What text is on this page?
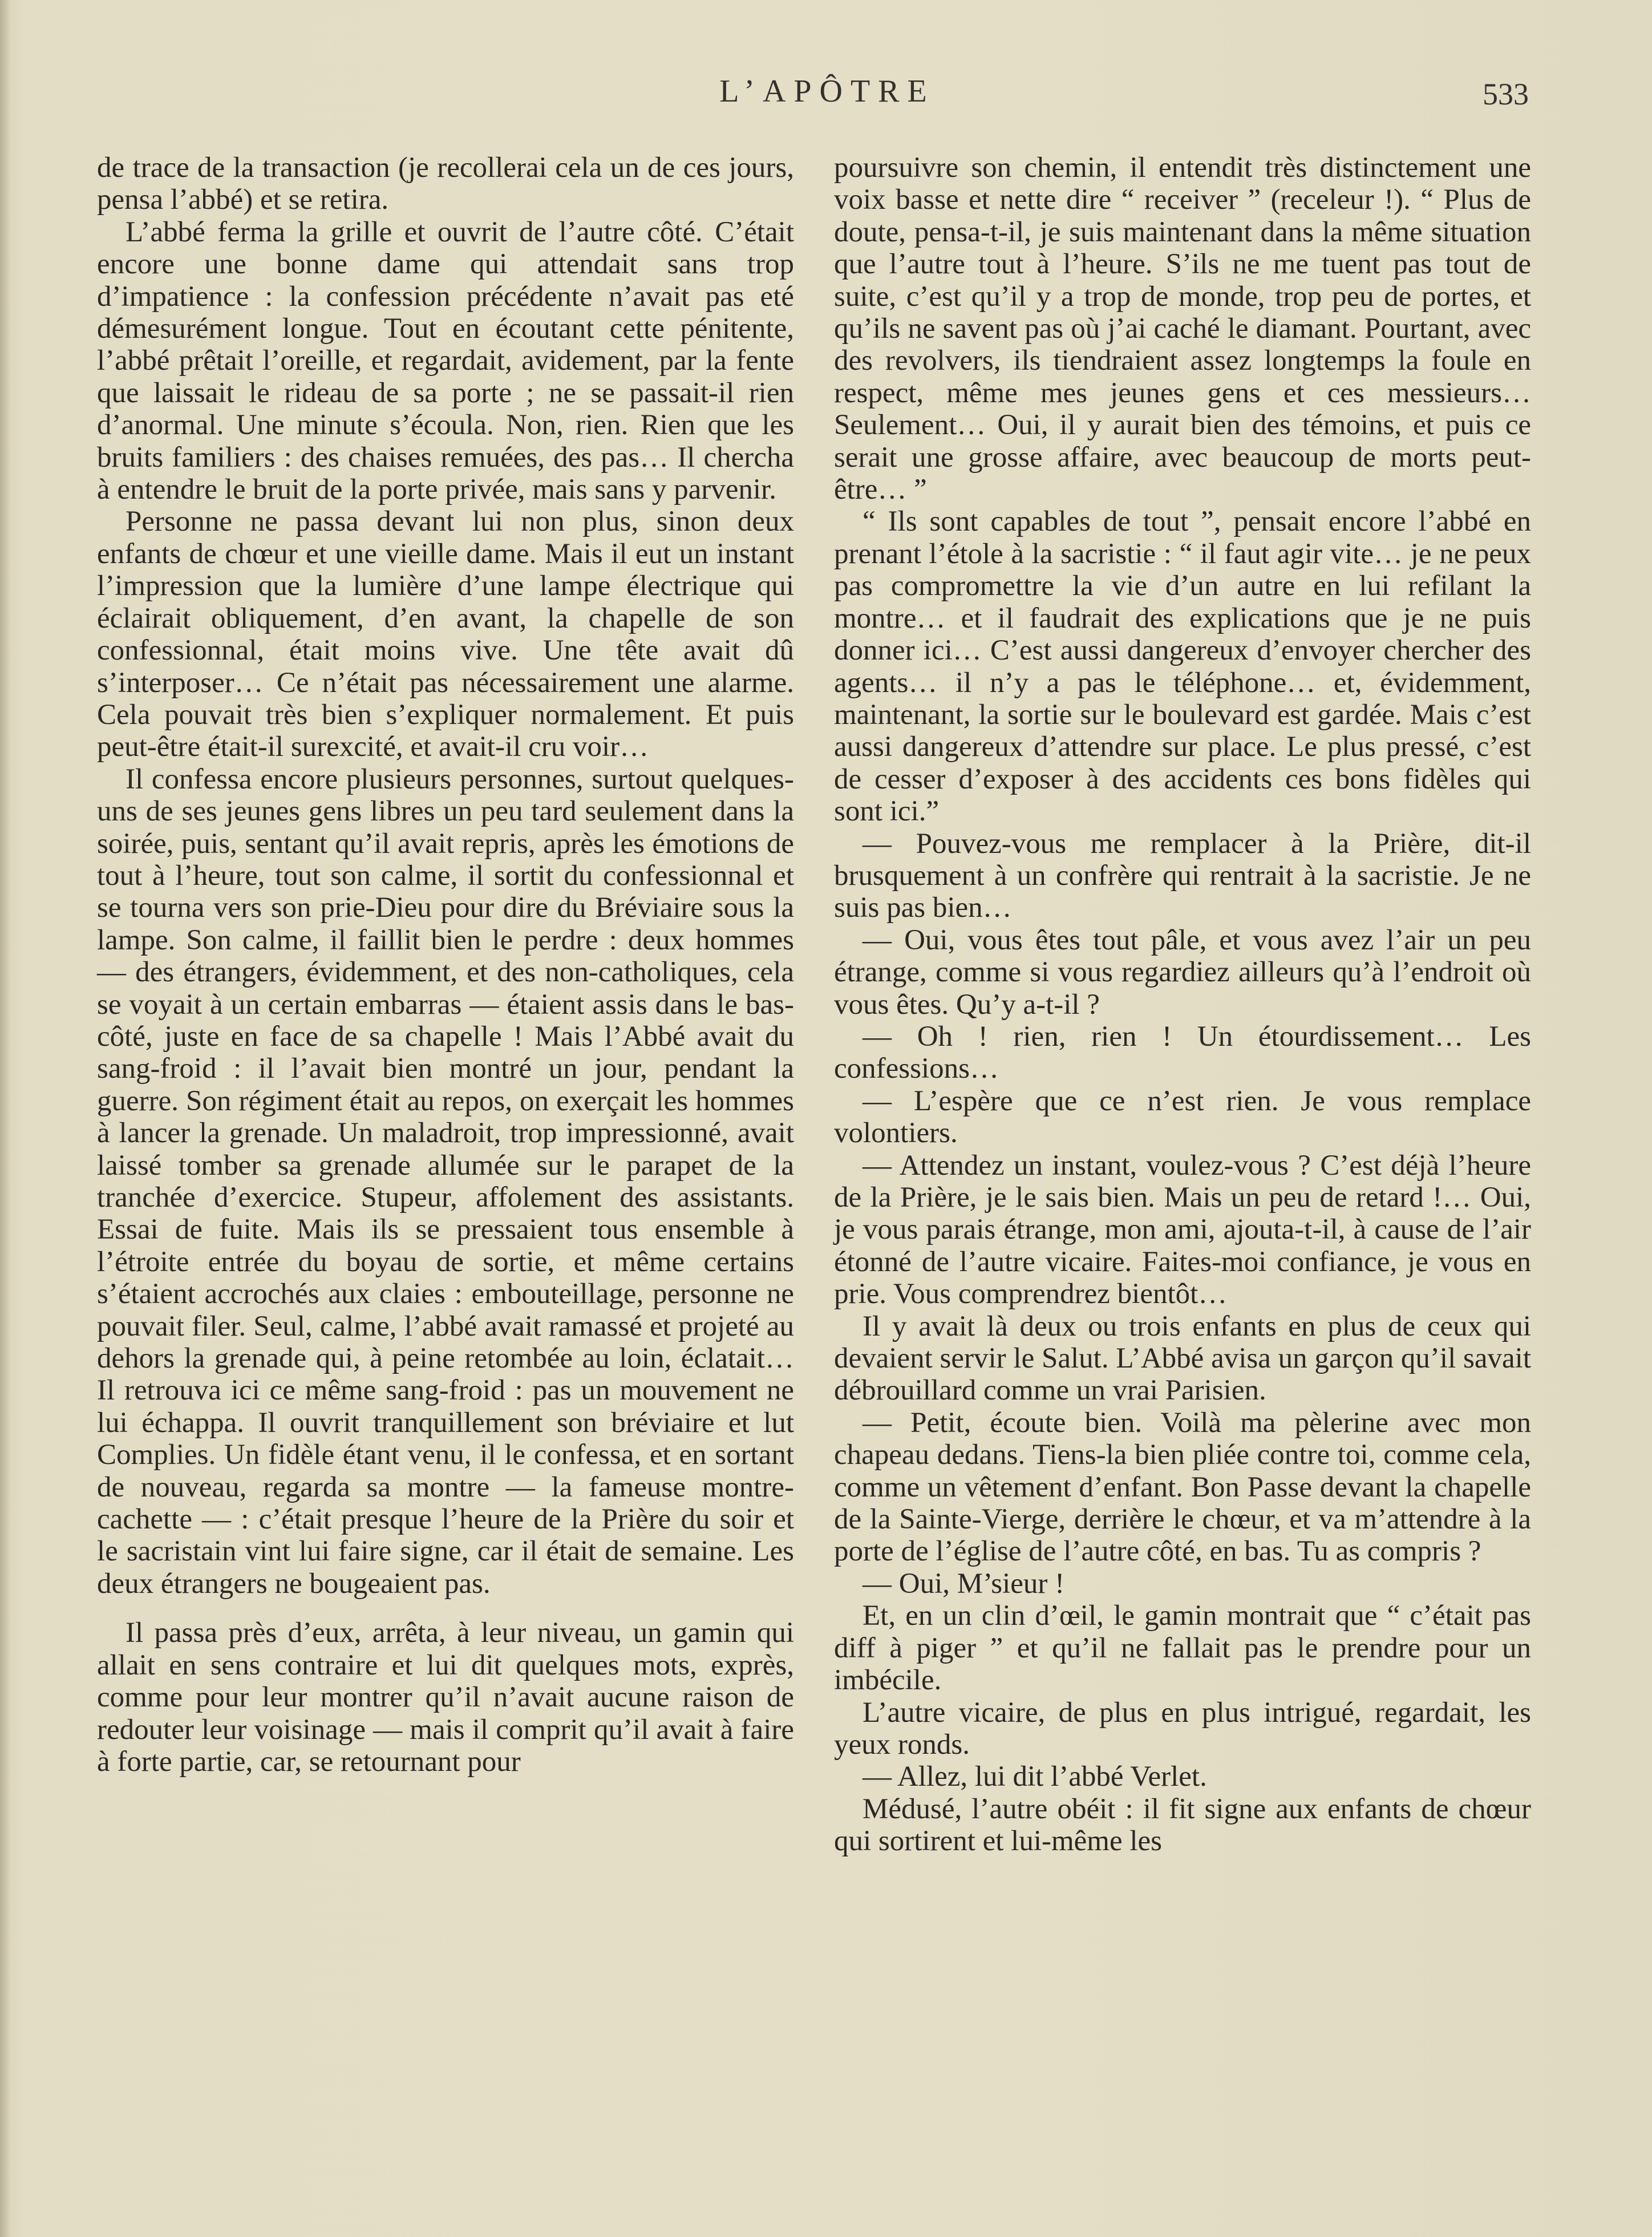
L’APÔTRE	533

de trace de la transaction (je recollerai cela un de ces jours, pensa l’abbé) et se retira.

L’abbé ferma la grille et ouvrit de l’autre côté. C’était encore une bonne dame qui attendait sans trop d’impatience : la confession précédente n’avait pas eté démesurément longue. Tout en écoutant cette pénitente, l’abbé prêtait l’oreille, et regardait, avidement, par la fente que laissait le rideau de sa porte ; ne se passait-il rien d’anormal. Une minute s’écoula. Non, rien. Rien que les bruits familiers : des chaises remuées, des pas… Il chercha à entendre le bruit de la porte privée, mais sans y parvenir.

Personne ne passa devant lui non plus, sinon deux enfants de chœur et une vieille dame. Mais il eut un instant l’impression que la lumière d’une lampe électrique qui éclairait obliquement, d’en avant, la chapelle de son confessionnal, était moins vive. Une tête avait dû s’interposer… Ce n’était pas nécessairement une alarme. Cela pouvait très bien s’expliquer normalement. Et puis peut-être était-il surexcité, et avait-il cru voir…

Il confessa encore plusieurs personnes, surtout quelques-uns de ses jeunes gens libres un peu tard seulement dans la soirée, puis, sentant qu’il avait repris, après les émotions de tout à l’heure, tout son calme, il sortit du confessionnal et se tourna vers son prie-Dieu pour dire du Bréviaire sous la lampe. Son calme, il faillit bien le perdre : deux hommes — des étrangers, évidemment, et des non-catholiques, cela se voyait à un certain embarras — étaient assis dans le bas-côté, juste en face de sa chapelle ! Mais l’Abbé avait du sang-froid : il l’avait bien montré un jour, pendant la guerre. Son régiment était au repos, on exerçait les hommes à lancer la grenade. Un maladroit, trop impressionné, avait laissé tomber sa grenade allumée sur le parapet de la tranchée d’exercice. Stupeur, affolement des assistants. Essai de fuite. Mais ils se pressaient tous ensemble à l’étroite entrée du boyau de sortie, et même certains s’étaient accrochés aux claies : embouteillage, personne ne pouvait filer. Seul, calme, l’abbé avait ramassé et projeté au dehors la grenade qui, à peine retombée au loin, éclatait… Il retrouva ici ce même sang-froid : pas un mouvement ne lui échappa. Il ouvrit tranquillement son bréviaire et lut Complies. Un fidèle étant venu, il le confessa, et en sortant de nouveau, regarda sa montre — la fameuse montre-cachette — : c’était presque l’heure de la Prière du soir et le sacristain vint lui faire signe, car il était de semaine. Les deux étrangers ne bougeaient pas.

Il passa près d’eux, arrêta, à leur niveau, un gamin qui allait en sens contraire et lui dit quelques mots, exprès, comme pour leur montrer qu’il n’avait aucune raison de redouter leur voisinage — mais il comprit qu’il avait à faire à forte partie, car, se retournant pour

poursuivre son chemin, il entendit très distinctement une voix basse et nette dire “ receiver ” (receleur !). “ Plus de doute, pensa-t-il, je suis maintenant dans la même situation que l’autre tout à l’heure. S’ils ne me tuent pas tout de suite, c’est qu’il y a trop de monde, trop peu de portes, et qu’ils ne savent pas où j’ai caché le diamant. Pourtant, avec des revolvers, ils tiendraient assez longtemps la foule en respect, même mes jeunes gens et ces messieurs… Seulement… Oui, il y aurait bien des témoins, et puis ce serait une grosse affaire, avec beaucoup de morts peut-être… ”

“ Ils sont capables de tout ”, pensait encore l’abbé en prenant l’étole à la sacristie : “ il faut agir vite… je ne peux pas compromettre la vie d’un autre en lui refilant la montre… et il faudrait des explications que je ne puis donner ici… C’est aussi dangereux d’envoyer chercher des agents… il n’y a pas le téléphone… et, évidemment, maintenant, la sortie sur le boulevard est gardée. Mais c’est aussi dangereux d’attendre sur place. Le plus pressé, c’est de cesser d’exposer à des accidents ces bons fidèles qui sont ici.”

— Pouvez-vous me remplacer à la Prière, dit-il brusquement à un confrère qui rentrait à la sacristie. Je ne suis pas bien…

— Oui, vous êtes tout pâle, et vous avez l’air un peu étrange, comme si vous regardiez ailleurs qu’à l’endroit où vous êtes. Qu’y a-t-il ?

— Oh ! rien, rien ! Un étourdissement… Les confessions…

— L’espère que ce n’est rien. Je vous remplace volontiers.

— Attendez un instant, voulez-vous ? C’est déjà l’heure de la Prière, je le sais bien. Mais un peu de retard !… Oui, je vous parais étrange, mon ami, ajouta-t-il, à cause de l’air étonné de l’autre vicaire. Faites-moi confiance, je vous en prie. Vous comprendrez bientôt…

Il y avait là deux ou trois enfants en plus de ceux qui devaient servir le Salut. L’Abbé avisa un garçon qu’il savait débrouillard comme un vrai Parisien.

— Petit, écoute bien. Voilà ma pèlerine avec mon chapeau dedans. Tiens-la bien pliée contre toi, comme cela, comme un vêtement d’enfant. Bon Passe devant la chapelle de la Sainte-Vierge, derrière le chœur, et va m’attendre à la porte de l’église de l’autre côté, en bas. Tu as compris ?

— Oui, M’sieur !

Et, en un clin d’œil, le gamin montrait que “ c’était pas diff à piger ” et qu’il ne fallait pas le prendre pour un imbécile.

L’autre vicaire, de plus en plus intrigué, regardait, les yeux ronds.

— Allez, lui dit l’abbé Verlet.

Médusé, l’autre obéit : il fit signe aux enfants de chœur qui sortirent et lui-même les
